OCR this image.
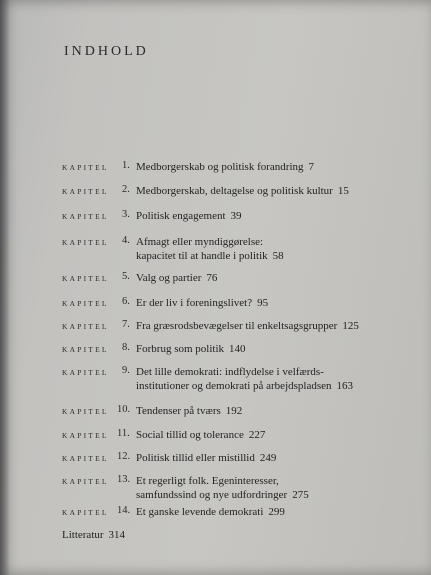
INDHOLD
KAPITEL 1. Medborgerskab og politisk forandring 7
KAPITEL 2. Medborgerskab, deltagelse og politisk kultur 15
KAPITEL 3. Politisk engagement 39
KAPITEL 4. Afmagt eller myndiggørelse:
kapacitet til at handle i politik 58
KAPITEL 5. Valg og partier 76
KAPITEL 6. Er der liv i foreningslivet? 95
KAPITEL 7. Fra græsrodsbevægelser til enkeltsagsgrupper 125
KAPITEL 8. Forbrug som politik 140
KAPITEL 9. Det lille demokrati: indflydelse i velfærds-
institutioner og demokrati på arbejdspladsen 163
KAPITEL 10. Tendenser på tværs 192
KAPITEL 11. Social tillid og tolerance 227
KAPITEL 12. Politisk tillid eller mistillid 249
KAPITEL 13. Et regerligt folk. Egeninteresser,
samfundssind og nye udfordringer 275
KAPITEL 14. Et ganske levende demokrati 299
Litteratur 314
